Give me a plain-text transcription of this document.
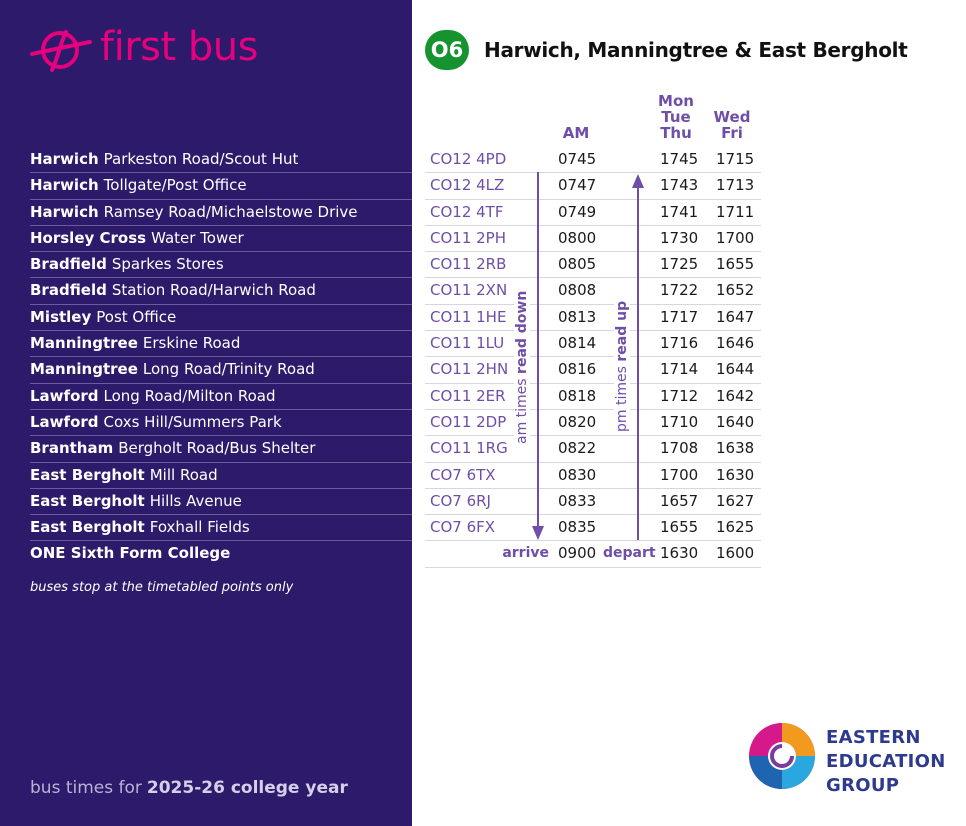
first bus
Harwich Parkeston Road/Scout Hut
Harwich Tollgate/Post Office
Harwich Ramsey Road/Michaelstowe Drive
Horsley Cross Water Tower
Bradfield Sparkes Stores
Bradfield Station Road/Harwich Road
Mistley Post Office
Manningtree Erskine Road
Manningtree Long Road/Trinity Road
Lawford Long Road/Milton Road
Lawford Coxs Hill/Summers Park
Brantham Bergholt Road/Bus Shelter
East Bergholt Mill Road
East Bergholt Hills Avenue
East Bergholt Foxhall Fields
ONE Sixth Form College
buses stop at the timetabled points only
bus times for 2025-26 college year
O6 Harwich, Manningtree & East Bergholt
AM
Mon
Tue
Thu
Wed
Fri
CO12 4PD	0745	1745 1715
CO12 4LZ	0747	1743 1713
CO12 4TF	0749	1741 1711
CO11 2PH	0800	1730 1700
CO11 2RB	0805	1725 1655
CO11 2XN	0808	1722 1652
CO11 1HE	0813	1717 1647
CO11 1LU	0814	1716 1646
CO11 2HN	0816	1714 1644
CO11 2ER	0818	1712 1642
CO11 2DP	0820	1710 1640
CO11 1RG	0822	1708 1638
CO7 6TX	0830	1700 1630
CO7 6RJ	0833	1657 1627
CO7 6FX	0835	1655 1625
arrive 0900 depart 1630 1600
am times read down
pm times read up
EASTERN
EDUCATION
GROUP
